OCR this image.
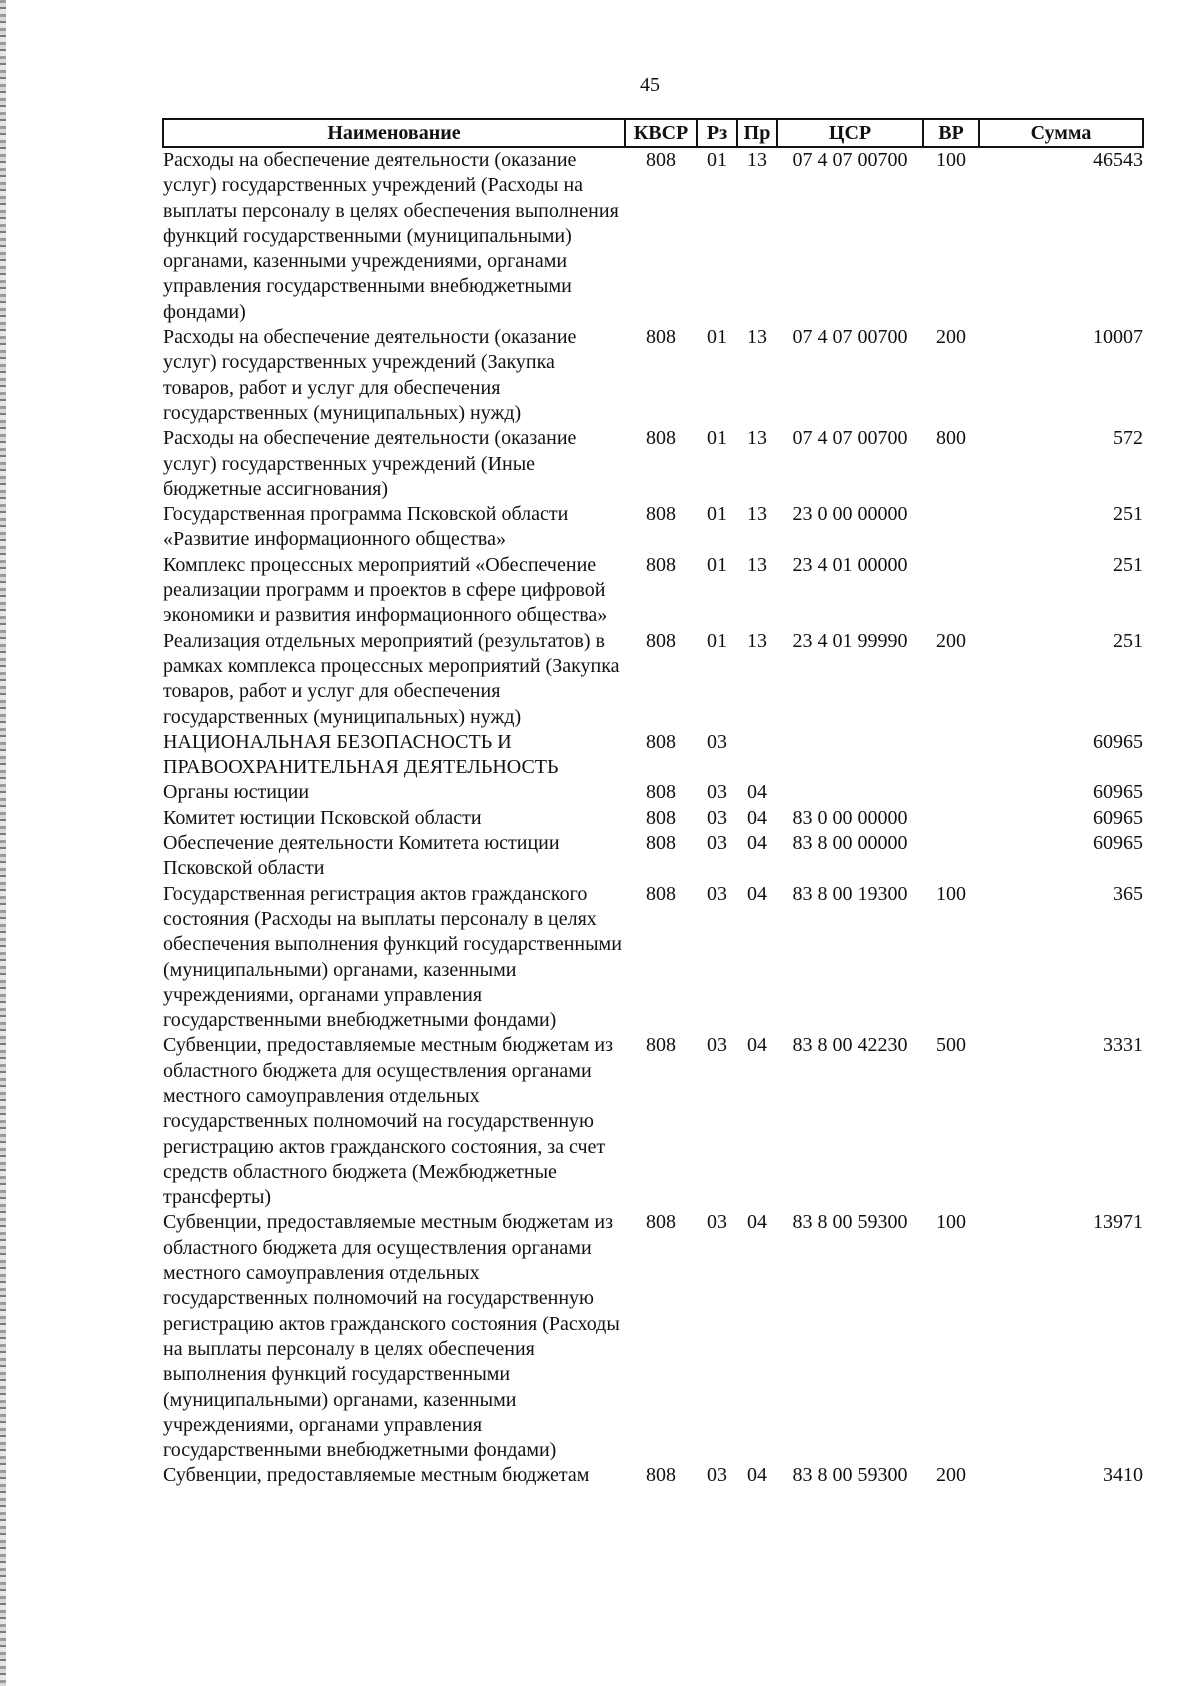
45
Наименование	КВСР	Рз	Пр	ЦСР	ВР	Сумма
Расходы на обеспечение деятельности (оказание услуг) государственных учреждений (Расходы на выплаты персоналу в целях обеспечения выполнения функций государственными (муниципальными) органами, казенными учреждениями, органами управления государственными внебюджетными фондами)	808	01	13	07 4 07 00700	100	46543
Расходы на обеспечение деятельности (оказание услуг) государственных учреждений (Закупка товаров, работ и услуг для обеспечения государственных (муниципальных) нужд)	808	01	13	07 4 07 00700	200	10007
Расходы на обеспечение деятельности (оказание услуг) государственных учреждений (Иные бюджетные ассигнования)	808	01	13	07 4 07 00700	800	572
Государственная программа Псковской области «Развитие информационного общества»	808	01	13	23 0 00 00000		251
Комплекс процессных мероприятий «Обеспечение реализации программ и проектов в сфере цифровой экономики и развития информационного общества»	808	01	13	23 4 01 00000		251
Реализация отдельных мероприятий (результатов) в рамках комплекса процессных мероприятий (Закупка товаров, работ и услуг для обеспечения государственных (муниципальных) нужд)	808	01	13	23 4 01 99990	200	251
НАЦИОНАЛЬНАЯ БЕЗОПАСНОСТЬ И ПРАВООХРАНИТЕЛЬНАЯ ДЕЯТЕЛЬНОСТЬ	808	03				60965
Органы юстиции	808	03	04			60965
Комитет юстиции Псковской области	808	03	04	83 0 00 00000		60965
Обеспечение деятельности Комитета юстиции Псковской области	808	03	04	83 8 00 00000		60965
Государственная регистрация актов гражданского состояния (Расходы на выплаты персоналу в целях обеспечения выполнения функций государственными (муниципальными) органами, казенными учреждениями, органами управления государственными внебюджетными фондами)	808	03	04	83 8 00 19300	100	365
Субвенции, предоставляемые местным бюджетам из областного бюджета для осуществления органами местного самоуправления отдельных государственных полномочий на государственную регистрацию актов гражданского состояния, за счет средств областного бюджета (Межбюджетные трансферты)	808	03	04	83 8 00 42230	500	3331
Субвенции, предоставляемые местным бюджетам из областного бюджета для осуществления органами местного самоуправления отдельных государственных полномочий на государственную регистрацию актов гражданского состояния (Расходы на выплаты персоналу в целях обеспечения выполнения функций государственными (муниципальными) органами, казенными учреждениями, органами управления государственными внебюджетными фондами)	808	03	04	83 8 00 59300	100	13971
Субвенции, предоставляемые местным бюджетам	808	03	04	83 8 00 59300	200	3410
